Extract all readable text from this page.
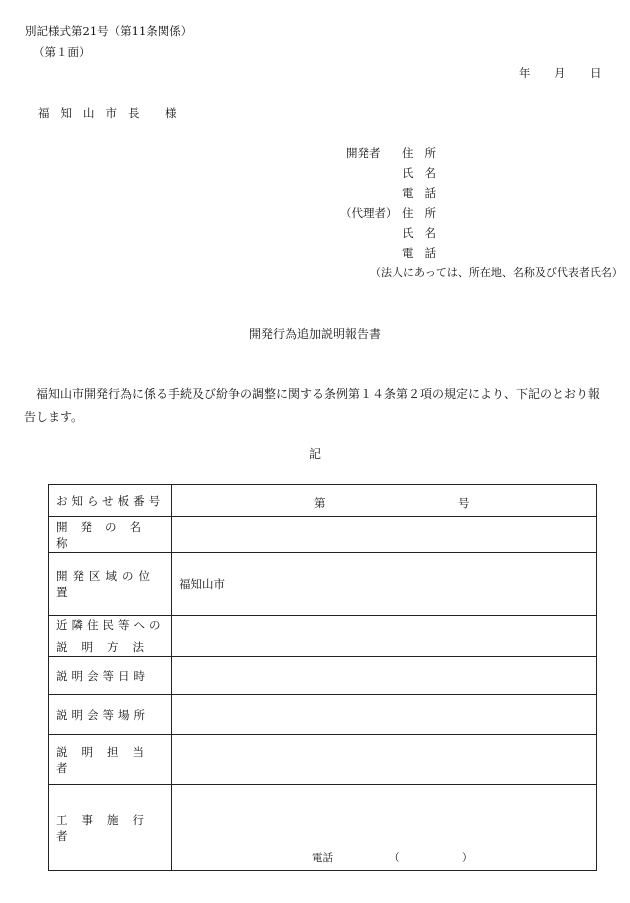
別記様式第21号（第11条関係）
（第１面）
年 月 日
福知山市長 様
開発者 住所
氏名
電話
（代理者） 住所
氏名
電話
（法人にあっては、所在地、名称及び代表者氏名）
開発行為追加説明報告書
福知山市開発行為に係る手続及び紛争の調整に関する条例第１４条第２項の規定により、下記のとおり報告します。
記
お知らせ板番号	第 号

開発の名称	

開発区域の位置	福知山市

近隣住民等への
説明方法	

説明会等日時	

説明会等場所	

説明担当者	

工事施行者	電話 （ ）
